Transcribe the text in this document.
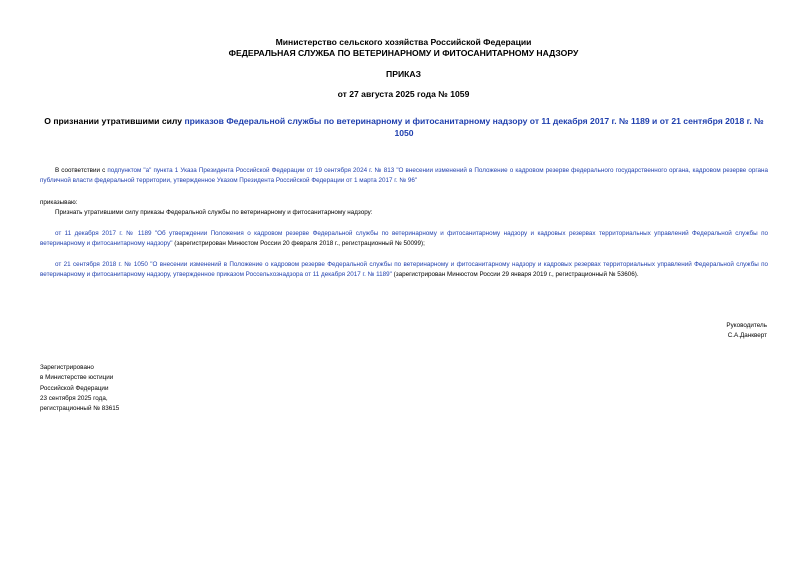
Министерство сельского хозяйства Российской Федерации
ФЕДЕРАЛЬНАЯ СЛУЖБА ПО ВЕТЕРИНАРНОМУ И ФИТОСАНИТАРНОМУ НАДЗОРУ
ПРИКАЗ
от 27 августа 2025 года № 1059
О признании утратившими силу приказов Федеральной службы по ветеринарному и фитосанитарному надзору от 11 декабря 2017 г. № 1189 и от 21 сентября 2018 г. № 1050
В соответствии с подпунктом "а" пункта 1 Указа Президента Российской Федерации от 19 сентября 2024 г. № 813 "О внесении изменений в Положение о кадровом резерве федерального государственного органа, кадровом резерве органа публичной власти федеральной территории, утвержденное Указом Президента Российской Федерации от 1 марта 2017 г. № 96"
приказываю:
Признать утратившими силу приказы Федеральной службы по ветеринарному и фитосанитарному надзору:
от 11 декабря 2017 г. № 1189 "Об утверждении Положения о кадровом резерве Федеральной службы по ветеринарному и фитосанитарному надзору и кадровых резервах территориальных управлений Федеральной службы по ветеринарному и фитосанитарному надзору" (зарегистрирован Минюстом России 20 февраля 2018 г., регистрационный № 50099);
от 21 сентября 2018 г. № 1050 "О внесении изменений в Положение о кадровом резерве Федеральной службы по ветеринарному и фитосанитарному надзору и кадровых резервах территориальных управлений Федеральной службы по ветеринарному и фитосанитарному надзору, утвержденное приказом Россельхознадзора от 11 декабря 2017 г. № 1189" (зарегистрирован Минюстом России 29 января 2019 г., регистрационный № 53606).
Руководитель
С.А.Данкверт
Зарегистрировано
в Министерстве юстиции
Российской Федерации
23 сентября 2025 года,
регистрационный № 83615
